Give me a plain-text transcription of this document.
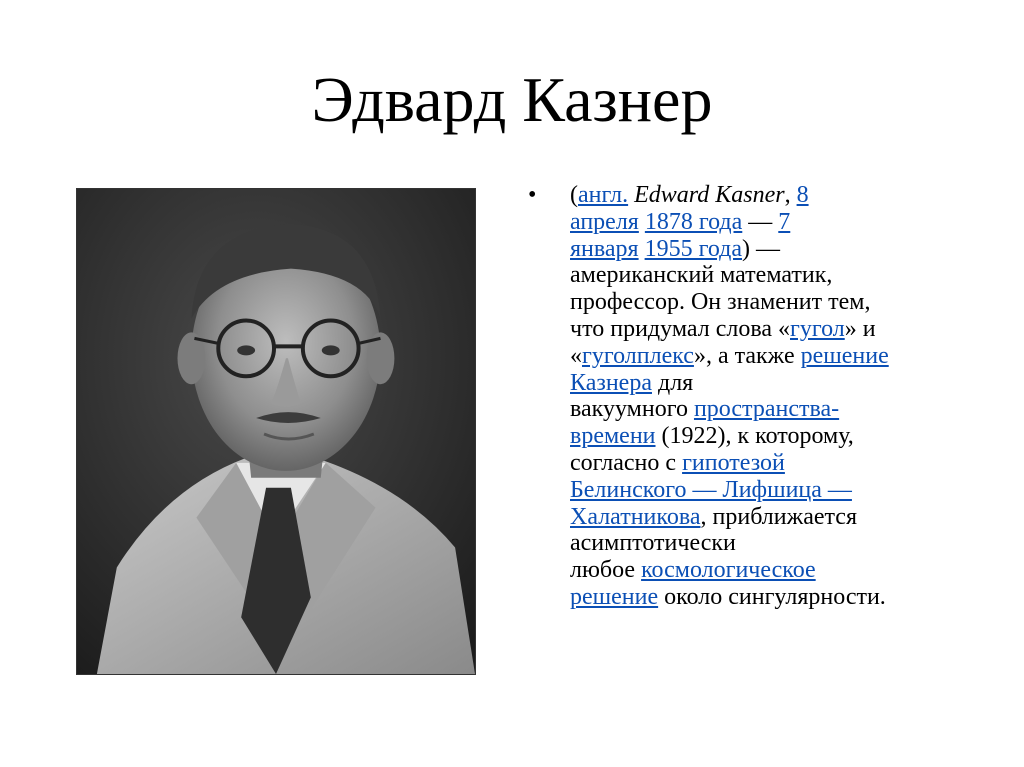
Эдвард Казнер
•	(англ. Edward Kasner, 8
апреля 1878 года — 7
января 1955 года) —
американский математик,
профессор. Он знаменит тем,
что придумал слова «гугол» и
«гуголплекс», а также решение
Казнера для
вакуумного пространства-
времени (1922), к которому,
согласно с гипотезой
Белинского — Лифшица —
Халатникова, приближается
асимптотически
любое космологическое
решение около сингулярности.
